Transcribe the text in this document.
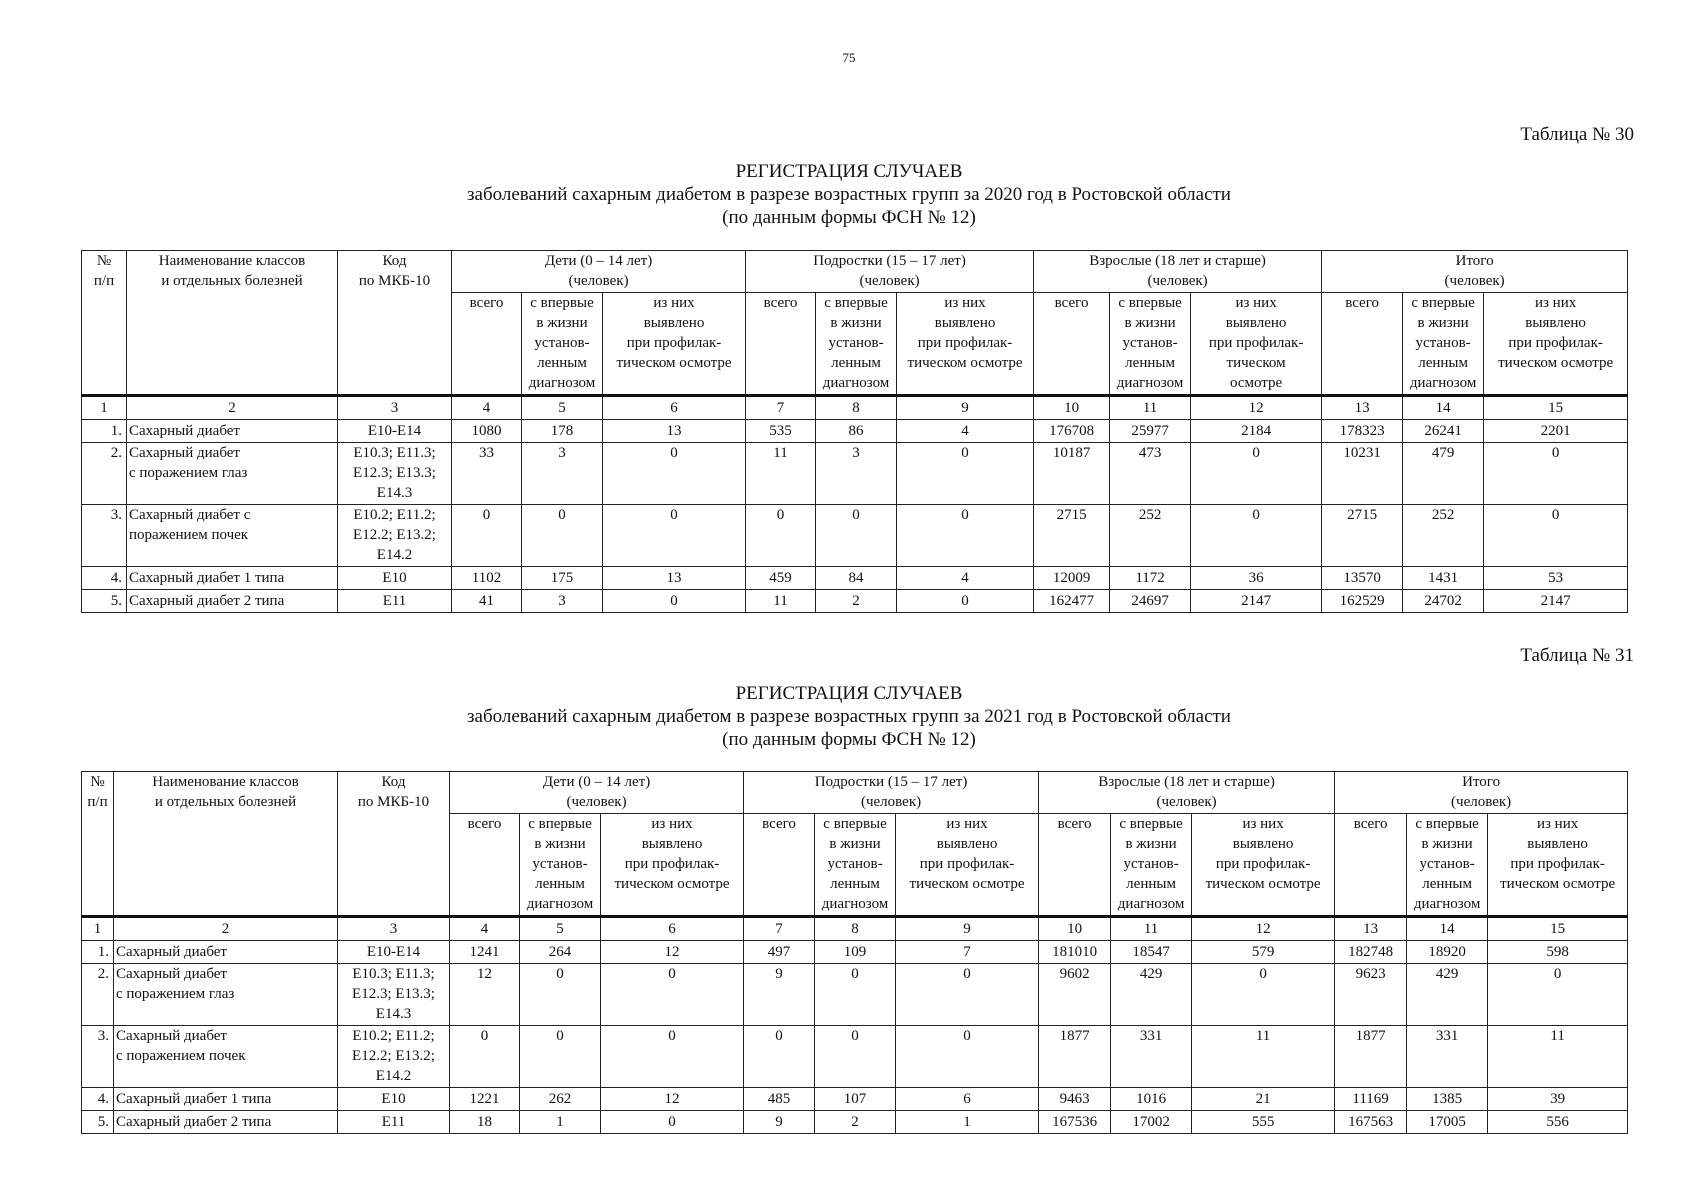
75
Таблица № 30
РЕГИСТРАЦИЯ СЛУЧАЕВ
заболеваний сахарным диабетом в разрезе возрастных групп за 2020 год в Ростовской области
(по данным формы ФСН № 12)
№
п/п	Наименование классов
и отдельных болезней	Код
по МКБ-10	Дети (0 – 14 лет)
(человек)			Подростки (15 – 17 лет)
(человек)			Взрослые (18 лет и старше)
(человек)			Итого
(человек)		
			всего	с впервые
в жизни
установ-
ленным
диагнозом	из них
выявлено
при профилак-
тическом осмотре	всего	с впервые
в жизни
установ-
ленным
диагнозом	из них
выявлено
при профилак-
тическом осмотре	всего	с впервые
в жизни
установ-
ленным
диагнозом	из них
выявлено
при профилак-
тическом
осмотре	всего	с впервые
в жизни
установ-
ленным
диагнозом	из них
выявлено
при профилак-
тическом осмотре
1	2	3	4	5	6	7	8	9	10	11	12	13	14	15
1.	Сахарный диабет	Е10-Е14	1080	178	13	535	86	4	176708	25977	2184	178323	26241	2201
2.	Сахарный диабет
с поражением глаз	Е10.3; Е11.3;
Е12.3; Е13.3;
Е14.3	33	3	0	11	3	0	10187	473	0	10231	479	0
3.	Сахарный диабет с
поражением почек	Е10.2; Е11.2;
Е12.2; Е13.2;
Е14.2	0	0	0	0	0	0	2715	252	0	2715	252	0
4.	Сахарный диабет 1 типа	Е10	1102	175	13	459	84	4	12009	1172	36	13570	1431	53
5.	Сахарный диабет 2 типа	Е11	41	3	0	11	2	0	162477	24697	2147	162529	24702	2147
Таблица № 31
РЕГИСТРАЦИЯ СЛУЧАЕВ
заболеваний сахарным диабетом в разрезе возрастных групп за 2021 год в Ростовской области
(по данным формы ФСН № 12)
№
п/п	Наименование классов
и отдельных болезней	Код
по МКБ-10	Дети (0 – 14 лет)
(человек)			Подростки (15 – 17 лет)
(человек)			Взрослые (18 лет и старше)
(человек)			Итого
(человек)		
			всего	с впервые
в жизни
установ-
ленным
диагнозом	из них
выявлено
при профилак-
тическом осмотре	всего	с впервые
в жизни
установ-
ленным
диагнозом	из них
выявлено
при профилак-
тическом осмотре	всего	с впервые
в жизни
установ-
ленным
диагнозом	из них
выявлено
при профилак-
тическом осмотре	всего	с впервые
в жизни
установ-
ленным
диагнозом	из них
выявлено
при профилак-
тическом осмотре
1	2	3	4	5	6	7	8	9	10	11	12	13	14	15
1.	Сахарный диабет	Е10-Е14	1241	264	12	497	109	7	181010	18547	579	182748	18920	598
2.	Сахарный диабет
с поражением глаз	Е10.3; Е11.3;
Е12.3; Е13.3;
Е14.3	12	0	0	9	0	0	9602	429	0	9623	429	0
3.	Сахарный диабет
с поражением почек	Е10.2; Е11.2;
Е12.2; Е13.2;
Е14.2	0	0	0	0	0	0	1877	331	11	1877	331	11
4.	Сахарный диабет 1 типа	Е10	1221	262	12	485	107	6	9463	1016	21	11169	1385	39
5.	Сахарный диабет 2 типа	Е11	18	1	0	9	2	1	167536	17002	555	167563	17005	556
